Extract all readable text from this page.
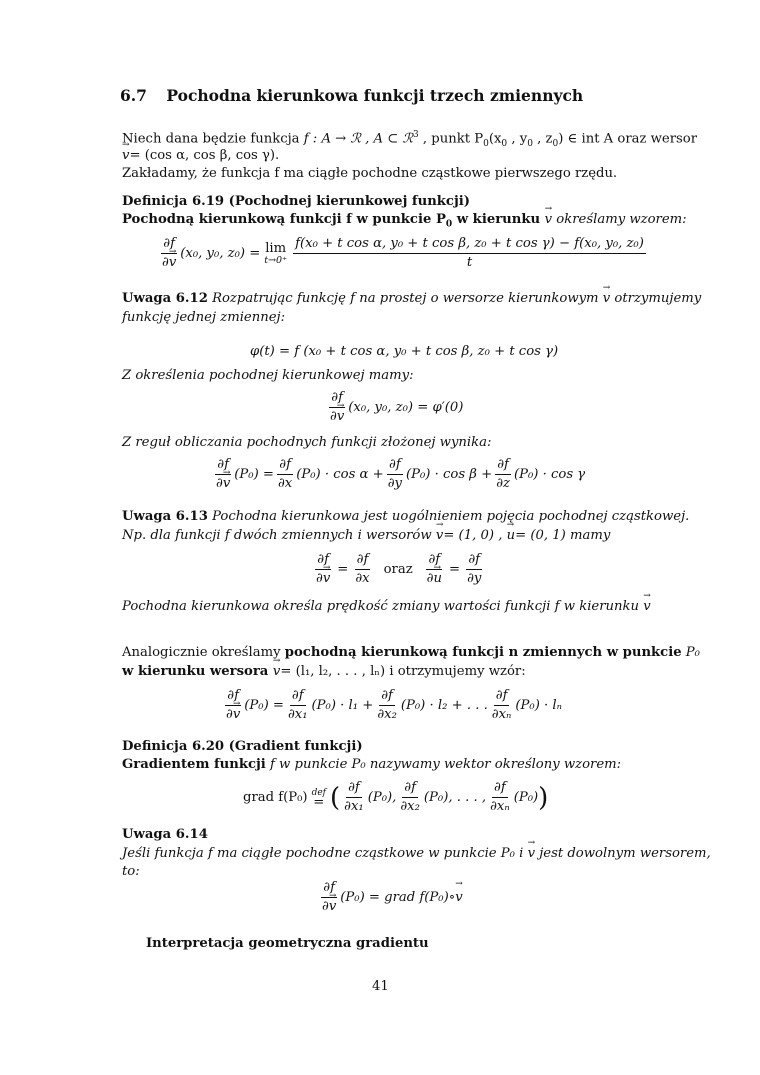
6.7 Pochodna kierunkowa funkcji trzech zmiennych
Niech dana będzie funkcja f : A → ℛ , A ⊂ ℛ$^3$ , punkt $P_0(x_0$ , $y_0$ , $z_0$) ∈ int A oraz wersor
→ v= (cos α, cos β, cos γ).
Zakładamy, że funkcja f ma ciągłe pochodne cząstkowe pierwszego rzędu.
Definicja 6.19 (Pochodnej kierunkowej funkcji)
Pochodną kierunkową funkcji f w punkcie $P_0$ w kierunku → v określamy wzorem:
$\frac{\partial f}{\partial\to v} (x_0$, y₀, z₀) = lim
$t\to 0^+ \frac{\text{f(x₀ + t cos α, y₀ + t cos β, z₀ + t cos γ) − f(x₀, y₀, z₀)}}{t}$
Uwaga 6.12 Rozpatrując funkcję f na prostej o wersorze kierunkowym → v otrzymujemy
funkcję jednej zmiennej:
φ(t) = f (x₀ + t cos α, y₀ + t cos β, z₀ + t cos γ)
Z określenia pochodnej kierunkowej mamy:
$\frac{\partial f}{\partial\to v} (x_0$, y₀, z₀) = φ′(0)
Z reguł obliczania pochodnych funkcji złożonej wynika:
$\frac{\partial f}{\partial\to v} (P_0) = \frac{\partial f}{\partial x} (P_0) \cdot \cos \alpha + \frac{\partial f}{\partial y} (P_0) \cdot \cos \beta + \frac{\partial f}{\partial z} (P_0) \cdot \cos \gamma$
Uwaga 6.13 Pochodna kierunkowa jest uogólnieniem pojęcia pochodnej cząstkowej.
Np. dla funkcji f dwóch zmiennych i wersorów → v= (1, 0) , → u= (0, 1) mamy
$\frac{\partial f}{\partial\to v} = \frac{\partial f}{\partial x}$ oraz $\frac{\partial f}{\partial\to u} = \frac{\partial f}{\partial y}$
Pochodna kierunkowa określa prędkość zmiany wartości funkcji f w kierunku → v
Analogicznie określamy pochodną kierunkową funkcji n zmiennych w punkcie P₀
w kierunku wersora → v= (l₁, l₂, . . . , lₙ) i otrzymujemy wzór:
$\frac{\partial f}{\partial\to v} (P_0) = \frac{\partial f}{\text{∂x₁}} (P_0) \cdot l_1 + \frac{\partial f}{\text{∂x₂}} (P_0) \cdot l_2$ + . . . $\frac{\partial f}{\text{∂xₙ}} (P_0) \cdot l_n$
Definicja 6.20 (Gradient funkcji)
Gradientem funkcji f w punkcie P₀ nazywamy wektor określony wzorem:
grad f(P₀) def
= ( $\frac{\partial f}{\text{∂x₁}} (P_0)$, $\frac{\partial f}{\text{∂x₂}} (P_0)$, . . . , $\frac{\partial f}{\text{∂xₙ}} (P_0)$ )
Uwaga 6.14
Jeśli funkcja f ma ciągłe pochodne cząstkowe w punkcie P₀ i → v jest dowolnym wersorem,
to:
$\frac{\partial f}{\partial\to v} (P_0)$ = grad f(P₀)∘
→ v
Interpretacja geometryczna gradientu
41
